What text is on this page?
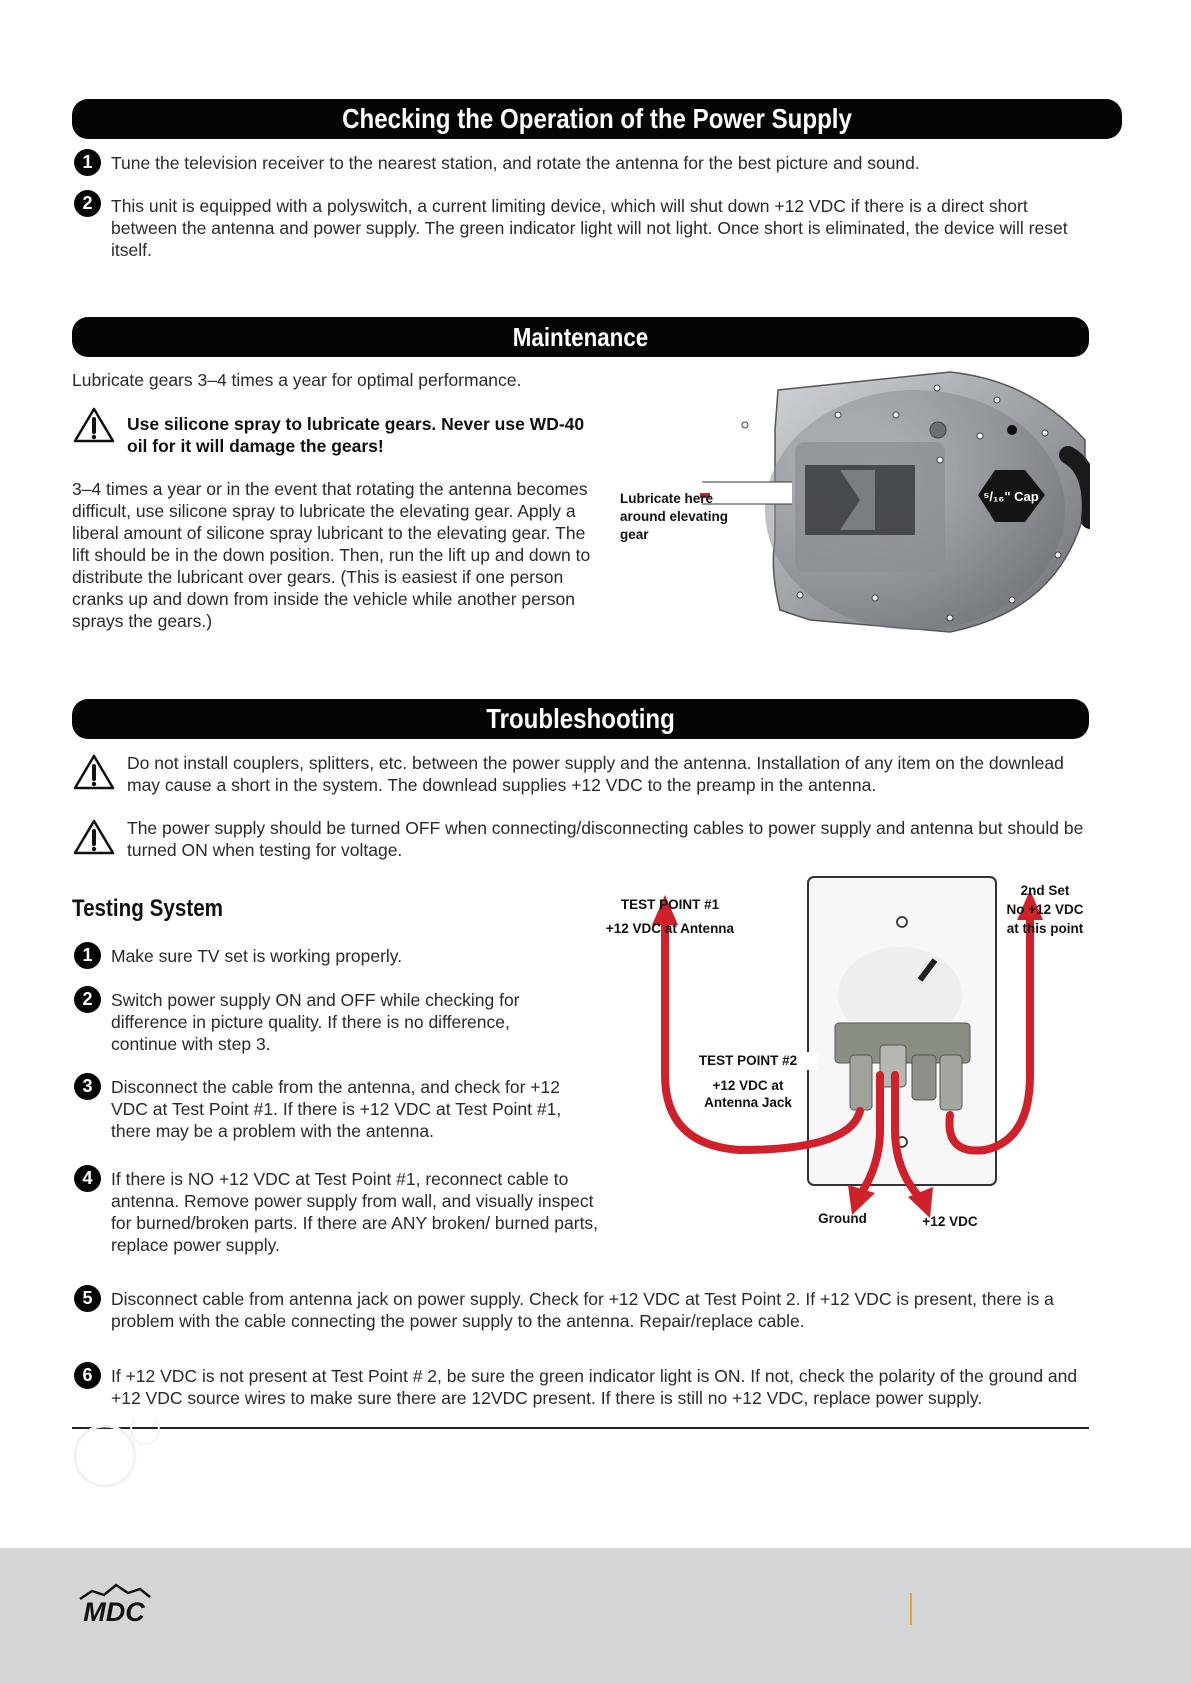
Checking the Operation of the Power Supply
1	Tune the television receiver to the nearest station, and rotate the antenna for the best picture and sound.

2	This unit is equipped with a polyswitch, a current limiting device, which will shut down +12 VDC if there is a direct short between the antenna and power supply. The green indicator light will not light. Once short is eliminated, the device will reset itself.

Maintenance

Lubricate gears 3–4 times a year for optimal performance.

Use silicone spray to lubricate gears. Never use WD-40 oil for it will damage the gears!

3–4 times a year or in the event that rotating the antenna becomes difficult, use silicone spray to lubricate the elevating gear. Apply a liberal amount of silicone spray lubricant to the elevating gear. The lift should be in the down position. Then, run the lift up and down to distribute the lubricant over gears. (This is easiest if one person cranks up and down from inside the vehicle while another person sprays the gears.)

⁵/₁₆" Cap
Lubricate here around elevating gear
Troubleshooting

Do not install couplers, splitters, etc. between the power supply and the antenna. Installation of any item on the downlead may cause a short in the system. The downlead supplies +12 VDC to the preamp in the antenna.

The power supply should be turned OFF when connecting/disconnecting cables to power supply and antenna but should be turned ON when testing for voltage.

Testing System
1	Make sure TV set is working properly.

2	Switch power supply ON and OFF while checking for difference in picture quality. If there is no difference, continue with step 3.

3	Disconnect the cable from the antenna, and check for +12 VDC at Test Point #1. If there is +12 VDC at Test Point #1, there may be a problem with the antenna.

4	If there is NO +12 VDC at Test Point #1, reconnect cable to antenna. Remove power supply from wall, and visually inspect for burned/broken parts. If there are ANY broken/ burned parts, replace power supply.

5	Disconnect cable from antenna jack on power supply. Check for +12 VDC at Test Point 2. If +12 VDC is present, there is a problem with the cable connecting the power supply to the antenna. Repair/replace cable.

6	If +12 VDC is not present at Test Point # 2, be sure the green indicator light is ON. If not, check the polarity of the ground and +12 VDC source wires to make sure there are 12VDC present. If there is still no +12 VDC, replace power supply.

TEST POINT #1
+12 VDC at Antenna
TEST POINT #2
+12 VDC at
Antenna Jack
2nd Set
No +12 VDC
at this point
Ground	+12 VDC
MDC
